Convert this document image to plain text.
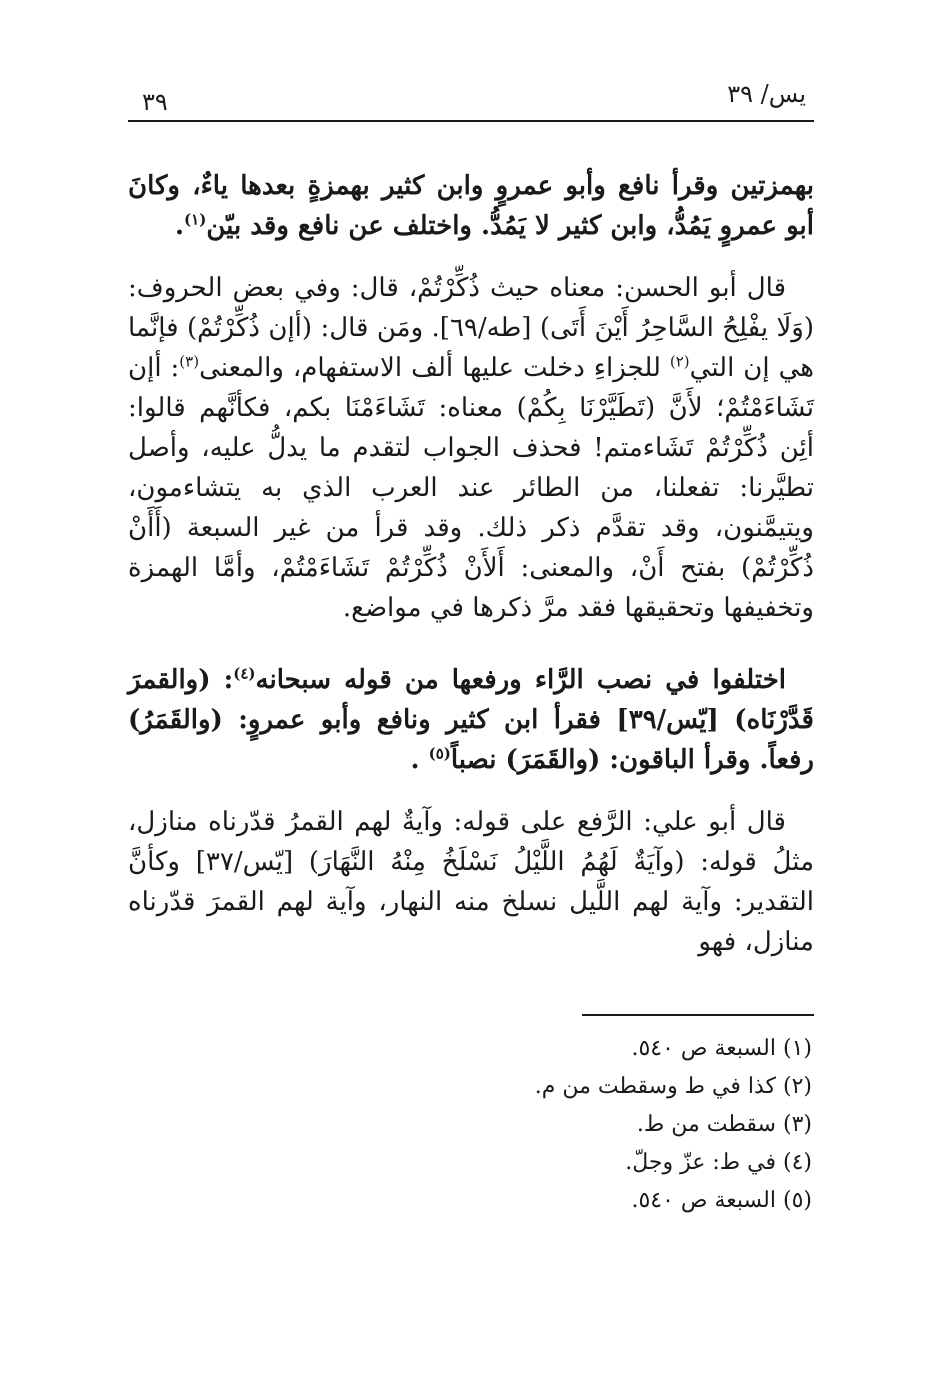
يس/ ٣٩
٣٩

بهمزتين وقرأ نافع وأبو عمروٍ وابن كثير بهمزةٍ بعدها ياءٌ، وكانَ أبو عمروٍ يَمُدُّ، وابن كثير لا يَمُدُّ. واختلف عن نافع وقد بيّن$^{(١)}$.

قال أبو الحسن: معناه حيث ذُكِّرْتُمْ، قال: وفي بعض الحروف: (وَلَا يفْلِحُ السَّاحِرُ أَيْنَ أَتَى) [طه/٦٩]. ومَن قال: (أإن ذُكِّرْتُمْ) فإنَّما هي إن التي$^{(٢)}$ للجزاءِ دخلت عليها ألف الاستفهام، والمعنى$^{(٣)}$: أإن تَشَاءَمْتُمْ؛ لأَنَّ (تَطَيَّرْنَا بِكُمْ) معناه: تَشَاءَمْنَا بكم، فكأنَّهم قالوا: أئِن ذُكِّرْتُمْ تَشَاءمتم! فحذف الجواب لتقدم ما يدلُّ عليه، وأصل تطيَّرنا: تفعلنا، من الطائر عند العرب الذي به يتشاءمون، ويتيمَّنون، وقد تقدَّم ذكر ذلك. وقد قرأ من غير السبعة (أَأَنْ ذُكِّرْتُمْ) بفتح أَنْ، والمعنى: أَلأَنْ ذُكِّرْتُمْ تَشَاءَمْتُمْ، وأمَّا الهمزة وتخفيفها وتحقيقها فقد مرَّ ذكرها في مواضع.

اختلفوا في نصب الرَّاء ورفعها من قوله سبحانه$^{(٤)}$: (والقمرَ قَدَّرْنَاه) [يّس/٣٩] فقرأ ابن كثير ونافع وأبو عمروٍ: (والقَمَرُ) رفعاً. وقرأ الباقون: (والقَمَرَ) نصباً$^{(٥)}$ .

قال أبو علي: الرَّفع على قوله: وآيةٌ لهم القمرُ قدّرناه منازل، مثلُ قوله: (وآيَةٌ لَهُمُ اللَّيْلُ نَسْلَخُ مِنْهُ النَّهَارَ) [يّس/٣٧] وكأنَّ التقدير: وآية لهم اللَّيل نسلخ منه النهار، وآية لهم القمرَ قدّرناه منازل، فهو

(١) السبعة ص ٥٤٠.

(٢) كذا في ط وسقطت من م.

(٣) سقطت من ط.

(٤) في ط: عزّ وجلّ.

(٥) السبعة ص ٥٤٠.
